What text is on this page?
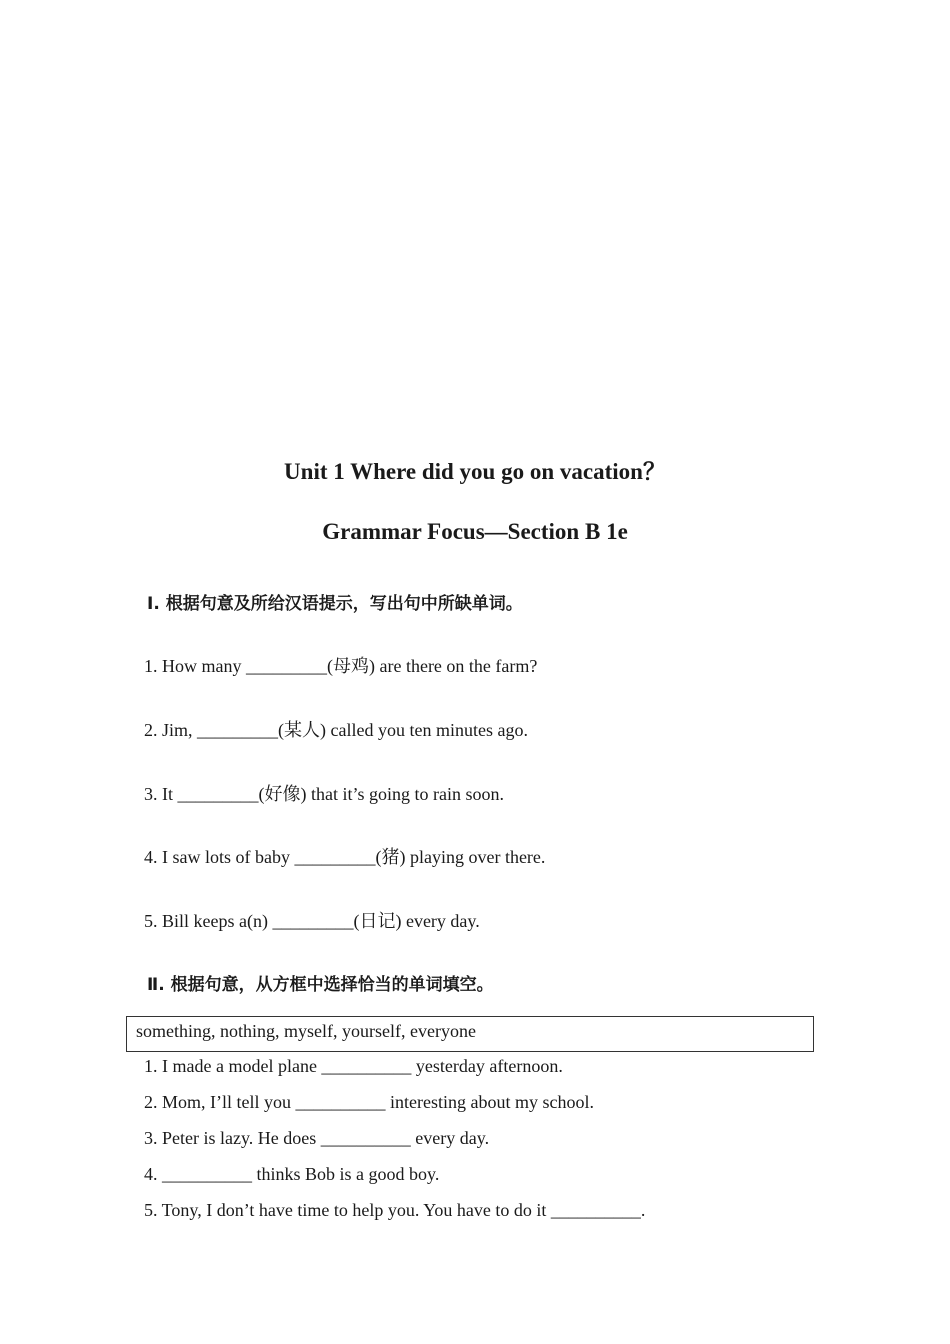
Unit 1 Where did you go on vacation？
Grammar Focus—Section B 1e
Ⅰ. 根据句意及所给汉语提示，写出句中所缺单词。
1. How many _________(母鸡) are there on the farm?
2. Jim, _________(某人) called you ten minutes ago.
3. It _________(好像) that it’s going to rain soon.
4. I saw lots of baby _________(猪) playing over there.
5. Bill keeps a(n) _________(日记) every day.
Ⅱ. 根据句意，从方框中选择恰当的单词填空。
something, nothing, myself, yourself, everyone
1. I made a model plane __________ yesterday afternoon.
2. Mom, I’ll tell you __________ interesting about my school.
3. Peter is lazy. He does __________ every day.
4. __________ thinks Bob is a good boy.
5. Tony, I don’t have time to help you. You have to do it __________.
